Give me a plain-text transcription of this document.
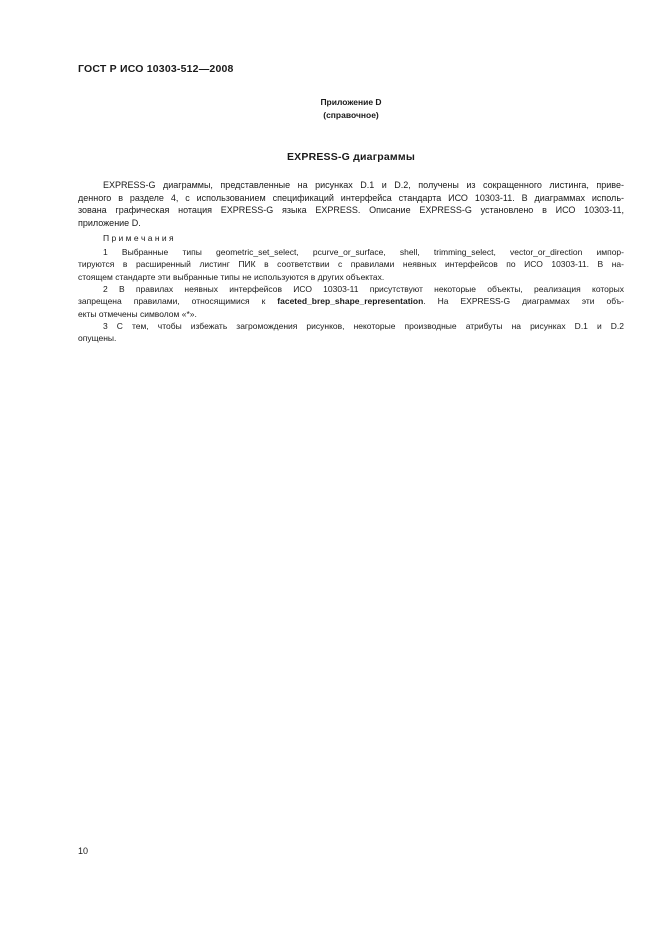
ГОСТ Р ИСО 10303-512—2008
Приложение D
(справочное)
EXPRESS-G диаграммы
EXPRESS-G диаграммы, представленные на рисунках D.1 и D.2, получены из сокращенного листинга, приве-
денного в разделе 4, с использованием спецификаций интерфейса стандарта ИСО 10303-11. В диаграммах исполь-
зована графическая нотация EXPRESS-G языка EXPRESS. Описание EXPRESS-G установлено в ИСО 10303-11,
приложение D.
П р и м е ч а н и я
1 Выбранные типы geometric_set_select, pcurve_or_surface, shell, trimming_select, vector_or_direction импор-
тируются в расширенный листинг ПИК в соответствии с правилами неявных интерфейсов по ИСО 10303-11. В на-
стоящем стандарте эти выбранные типы не используются в других объектах.
2 В правилах неявных интерфейсов ИСО 10303-11 присутствуют некоторые объекты, реализация которых
запрещена правилами, относящимися к faceted_brep_shape_representation. На EXPRESS-G диаграммах эти объ-
екты отмечены символом «*».
3 С тем, чтобы избежать загромождения рисунков, некоторые производные атрибуты на рисунках D.1 и D.2
опущены.
10
